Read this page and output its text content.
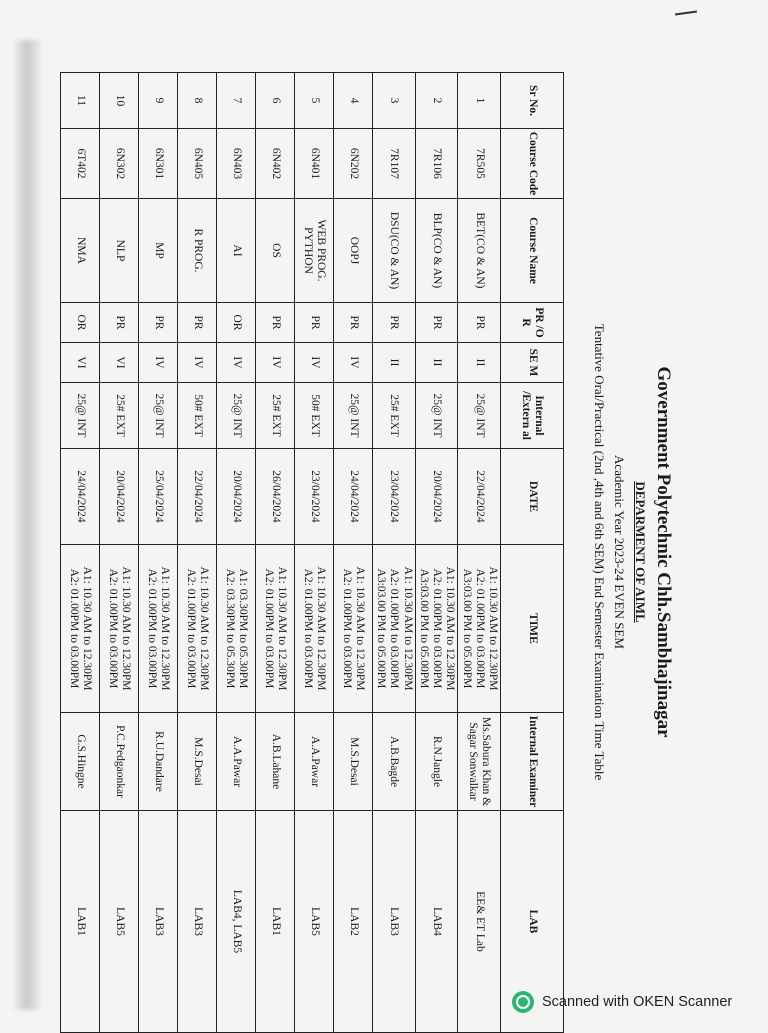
Government Polytechnic Chh.Sambhajinagar
DEPARMENT OF AIML
Academic Year 2023-24 EVEN SEM
Tentative Oral/Practical (2nd ,4th and 6th SEM) End Semester Examination Time Table
Sr No.	Course Code	Course Name	PR /O R	SE M	Internal /Extern al	DATE	TIME	Internal Examiner	LAB
1	7R505	BET(CO & AN)	PR	II	25@ INT	22/04/2024	A1: 10.30 AM to 12.30PM
A2: 01.00PM to 03.00PM
A3:03.00 PM to 05.00PM	Ms.Sabura Khan & Sagar Sonwalkar	EE& ET Lab
2	7R106	BLP(CO & AN)	PR	II	25@ INT	20/04/2024	A1: 10.30 AM to 12.30PM
A2: 01.00PM to 03.00PM
A3:03.00 PM to 05.00PM	R.N.Jangle	LAB4
3	7R107	DSU(CO & AN)	PR	II	25# EXT	23/04/2024	A1: 10.30 AM to 12.30PM
A2: 01.00PM to 03.00PM
A3:03.00 PM to 05.00PM	A.B.Bagde	LAB3
4	6N202	OOPJ	PR	IV	25@ INT	24/04/2024	A1: 10.30 AM to 12.30PM
A2: 01.00PM to 03.00PM	M.S.Desai	LAB2
5	6N401	WEB PROG. PYTHON	PR	IV	50# EXT	23/04/2024	A1: 10.30 AM to 12.30PM
A2: 01.00PM to 03.00PM	A.A.Pawar	LAB5
6	6N402	OS	PR	IV	25# EXT	26/04/2024	A1: 10.30 AM to 12.30PM
A2: 01.00PM to 03.00PM	A.B.Lahane	LAB1
7	6N403	AI	OR	IV	25@ INT	20/04/2024	A1: 03.30PM to 05.30PM
A2: 03.30PM to 05.30PM	A.A.Pawar	LAB4, LAB5
8	6N405	R PROG.	PR	IV	50# EXT	22/04/2024	A1: 10.30 AM to 12.30PM
A2: 01.00PM to 03.00PM	M.S.Desai	LAB3
9	6N301	MP	PR	IV	25@ INT	25/04/2024	A1: 10.30 AM to 12.30PM
A2: 01.00PM to 03.00PM	R.U.Dandare	LAB3
10	6N302	NLP	PR	VI	25# EXT	20/04/2024	A1: 10.30 AM to 12.30PM
A2: 01.00PM to 03.00PM	P.C.Pedgaonkar	LAB5
11	6T402	NMA	OR	VI	25@ INT	24/04/2024	A1: 10.30 AM to 12.30PM
A2: 01.00PM to 03.00PM	G.S.Hingne	LAB1
Scanned with OKEN Scanner
